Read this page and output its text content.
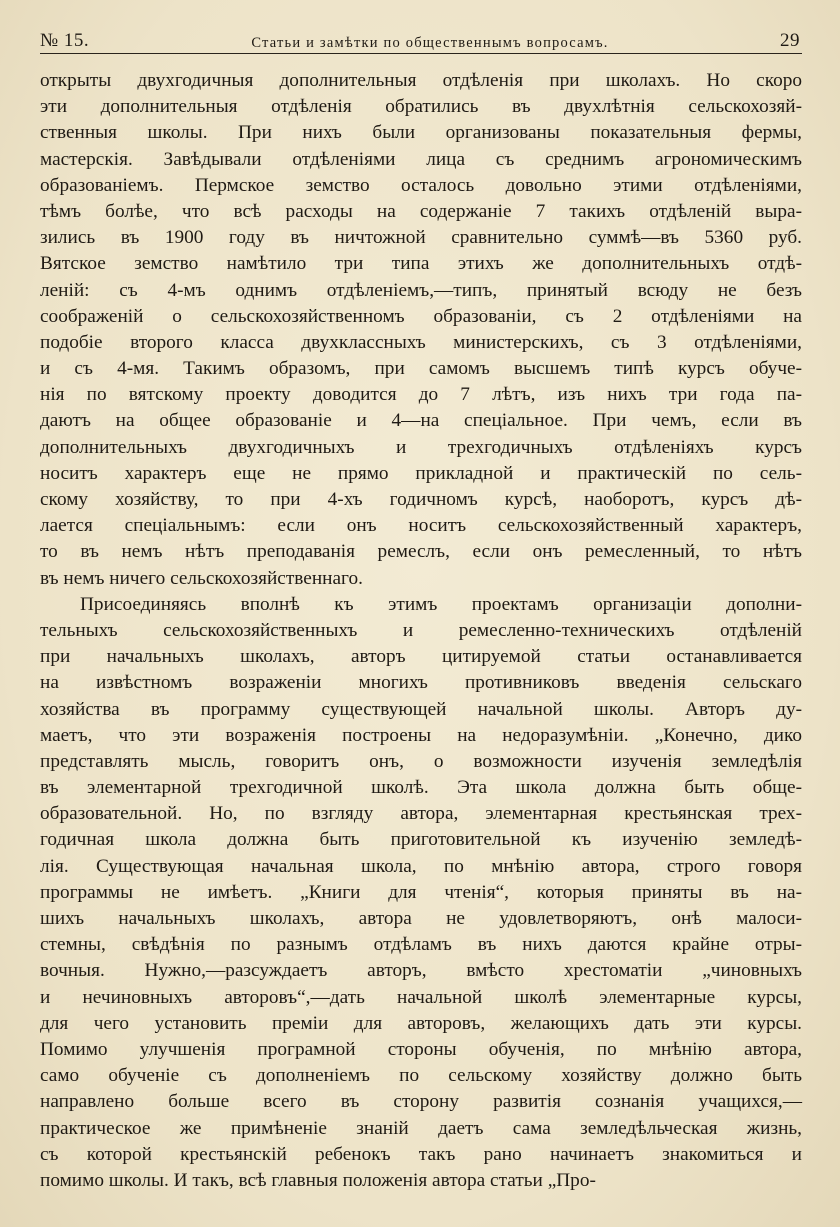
№ 15.	Статьи и замѣтки по общественнымъ вопросамъ.	29
открыты двухгодичныя дополнительныя отдѣленія при школахъ. Но скоро
эти дополнительныя отдѣленія обратились въ двухлѣтнія сельскохозяй-
ственныя школы. При нихъ были организованы показательныя фермы,
мастерскія. Завѣдывали отдѣленіями лица съ среднимъ агрономическимъ
образованіемъ. Пермское земство осталось довольно этими отдѣленіями,
тѣмъ болѣе, что всѣ расходы на содержаніе 7 такихъ отдѣленій выра-
зились въ 1900 году въ ничтожной сравнительно суммѣ—въ 5360 руб.
Вятское земство намѣтило три типа этихъ же дополнительныхъ отдѣ-
леній: съ 4-мъ однимъ отдѣленіемъ,—типъ, принятый всюду не безъ
соображеній о сельскохозяйственномъ образованіи, съ 2 отдѣленіями на
подобіе второго класса двухклассныхъ министерскихъ, съ 3 отдѣленіями,
и съ 4-мя. Такимъ образомъ, при самомъ высшемъ типѣ курсъ обуче-
нія по вятскому проекту доводится до 7 лѣтъ, изъ нихъ три года па-
даютъ на общее образованіе и 4—на спеціальное. При чемъ, если въ
дополнительныхъ двухгодичныхъ и трехгодичныхъ отдѣленіяхъ курсъ
носитъ характеръ еще не прямо прикладной и практическій по сель-
скому хозяйству, то при 4-хъ годичномъ курсѣ, наоборотъ, курсъ дѣ-
лается спеціальнымъ: если онъ носитъ сельскохозяйственный характеръ,
то въ немъ нѣтъ преподаванія ремеслъ, если онъ ремесленный, то нѣтъ
въ немъ ничего сельскохозяйственнаго.
Присоединяясь вполнѣ къ этимъ проектамъ организаціи дополни-
тельныхъ сельскохозяйственныхъ и ремесленно-техническихъ отдѣленій
при начальныхъ школахъ, авторъ цитируемой статьи останавливается
на извѣстномъ возраженіи многихъ противниковъ введенія сельскаго
хозяйства въ программу существующей начальной школы. Авторъ ду-
маетъ, что эти возраженія построены на недоразумѣніи. „Конечно, дико
представлять мысль, говоритъ онъ, о возможности изученія земледѣлія
въ элементарной трехгодичной школѣ. Эта школа должна быть обще-
образовательной. Но, по взгляду автора, элементарная крестьянская трех-
годичная школа должна быть приготовительной къ изученію земледѣ-
лія. Существующая начальная школа, по мнѣнію автора, строго говоря
программы не имѣетъ. „Книги для чтенія“, которыя приняты въ на-
шихъ начальныхъ школахъ, автора не удовлетворяютъ, онѣ малоси-
стемны, свѣдѣнія по разнымъ отдѣламъ въ нихъ даются крайне отры-
вочныя. Нужно,—разсуждаетъ авторъ, вмѣсто хрестоматіи „чиновныхъ
и нечиновныхъ авторовъ“,—дать начальной школѣ элементарные курсы,
для чего установить преміи для авторовъ, желающихъ дать эти курсы.
Помимо улучшенія програмной стороны обученія, по мнѣнію автора,
само обученіе съ дополненіемъ по сельскому хозяйству должно быть
направлено больше всего въ сторону развитія сознанія учащихся,—
практическое же примѣненіе знаній даетъ сама земледѣльческая жизнь,
съ которой крестьянскій ребенокъ такъ рано начинаетъ знакомиться и
помимо школы. И такъ, всѣ главныя положенія автора статьи „Про-
